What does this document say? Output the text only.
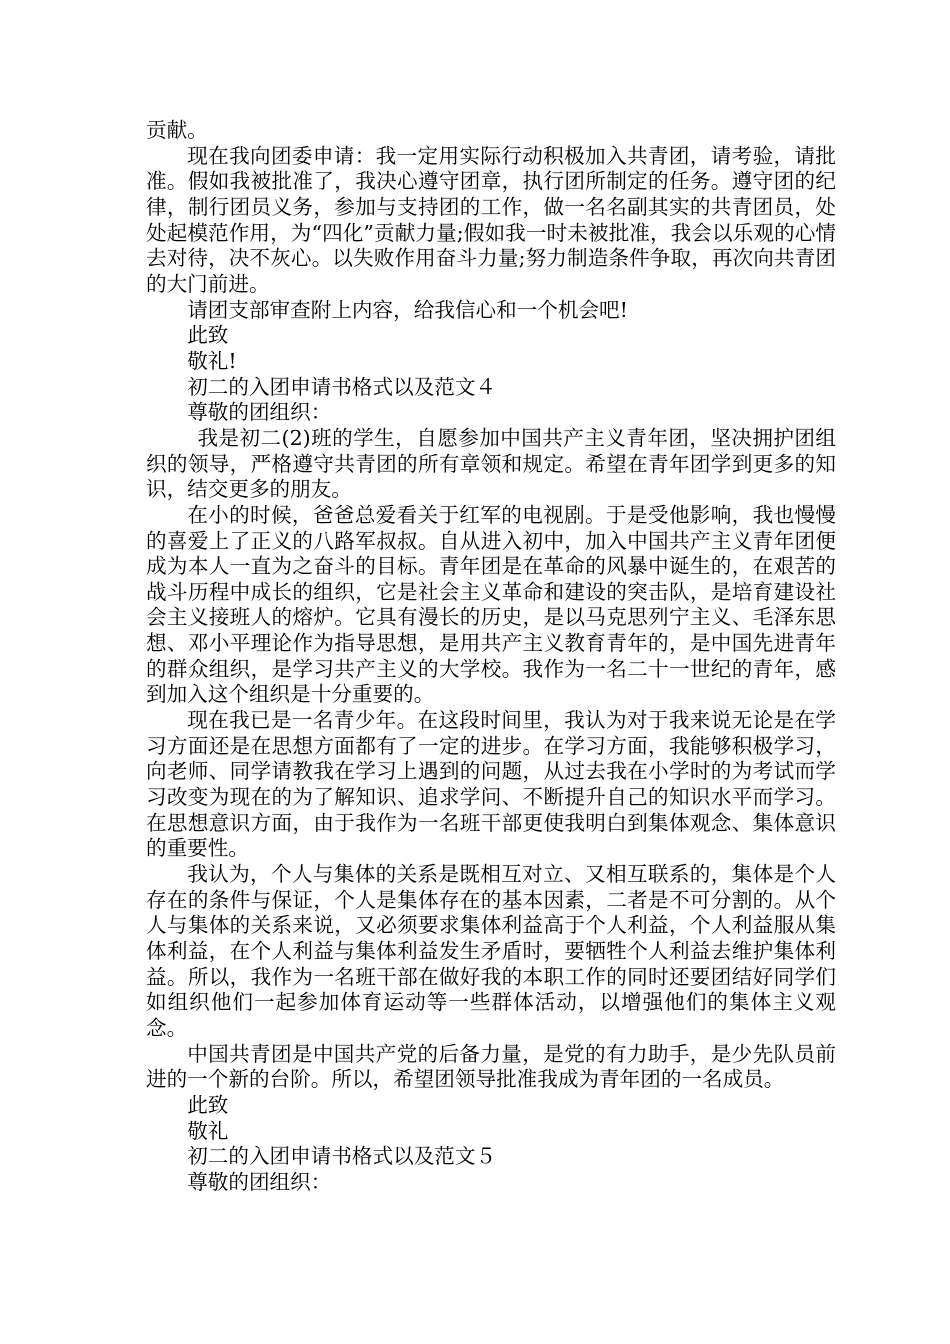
贡献。

现在我向团委申请：我一定用实际行动积极加入共青团，请考验，请批准。假如我被批准了，我决心遵守团章，执行团所制定的任务。遵守团的纪律，制行团员义务，参加与支持团的工作，做一名名副其实的共青团员，处处起模范作用，为“四化”贡献力量;假如我一时未被批准，我会以乐观的心情去对待，决不灰心。以失败作用奋斗力量;努力制造条件争取，再次向共青团的大门前进。

请团支部审查附上内容，给我信心和一个机会吧!

此致

敬礼!

初二的入团申请书格式以及范文４

尊敬的团组织：

我是初二(2)班的学生，自愿参加中国共产主义青年团，坚决拥护团组织的领导，严格遵守共青团的所有章领和规定。希望在青年团学到更多的知识，结交更多的朋友。

在小的时候，爸爸总爱看关于红军的电视剧。于是受他影响，我也慢慢的喜爱上了正义的八路军叔叔。自从进入初中，加入中国共产主义青年团便成为本人一直为之奋斗的目标。青年团是在革命的风暴中诞生的，在艰苦的战斗历程中成长的组织，它是社会主义革命和建设的突击队，是培育建设社会主义接班人的熔炉。它具有漫长的历史，是以马克思列宁主义、毛泽东思想、邓小平理论作为指导思想，是用共产主义教育青年的，是中国先进青年的群众组织，是学习共产主义的大学校。我作为一名二十一世纪的青年，感到加入这个组织是十分重要的。

现在我已是一名青少年。在这段时间里，我认为对于我来说无论是在学习方面还是在思想方面都有了一定的进步。在学习方面，我能够积极学习，向老师、同学请教我在学习上遇到的问题，从过去我在小学时的为考试而学习改变为现在的为了解知识、追求学问、不断提升自己的知识水平而学习。在思想意识方面，由于我作为一名班干部更使我明白到集体观念、集体意识的重要性。

我认为，个人与集体的关系是既相互对立、又相互联系的，集体是个人存在的条件与保证，个人是集体存在的基本因素，二者是不可分割的。从个人与集体的关系来说，又必须要求集体利益高于个人利益，个人利益服从集体利益，在个人利益与集体利益发生矛盾时，要牺牲个人利益去维护集体利益。所以，我作为一名班干部在做好我的本职工作的同时还要团结好同学们如组织他们一起参加体育运动等一些群体活动，以增强他们的集体主义观念。

中国共青团是中国共产党的后备力量，是党的有力助手，是少先队员前进的一个新的台阶。所以，希望团领导批准我成为青年团的一名成员。

此致

敬礼

初二的入团申请书格式以及范文５

尊敬的团组织：
